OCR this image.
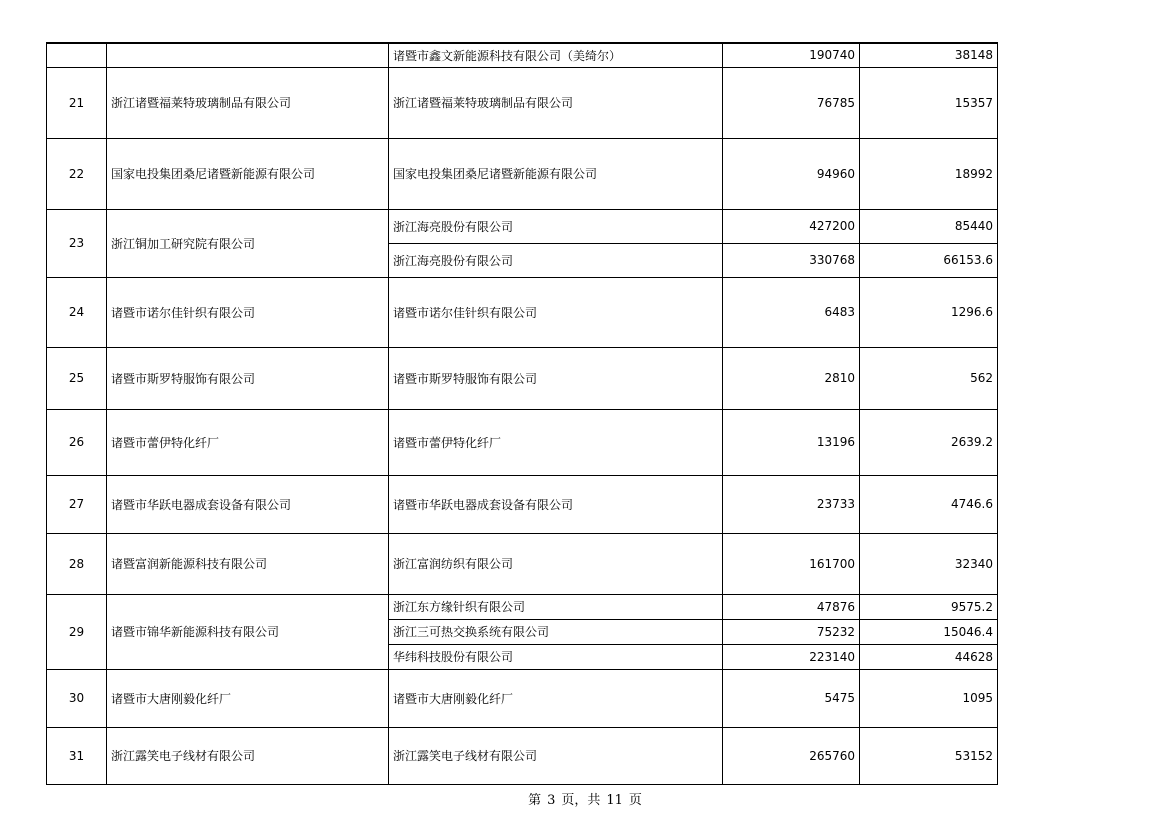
		诸暨市鑫文新能源科技有限公司（美绮尔）	190740	38148
21	浙江诸暨福莱特玻璃制品有限公司	浙江诸暨福莱特玻璃制品有限公司	76785	15357
22	国家电投集团桑尼诸暨新能源有限公司	国家电投集团桑尼诸暨新能源有限公司	94960	18992
23	浙江铜加工研究院有限公司	浙江海亮股份有限公司	427200	85440
		浙江海亮股份有限公司	330768	66153.6
24	诸暨市诺尔佳针织有限公司	诸暨市诺尔佳针织有限公司	6483	1296.6
25	诸暨市斯罗特服饰有限公司	诸暨市斯罗特服饰有限公司	2810	562
26	诸暨市蕾伊特化纤厂	诸暨市蕾伊特化纤厂	13196	2639.2
27	诸暨市华跃电器成套设备有限公司	诸暨市华跃电器成套设备有限公司	23733	4746.6
28	诸暨富润新能源科技有限公司	浙江富润纺织有限公司	161700	32340
29	诸暨市锦华新能源科技有限公司	浙江东方缘针织有限公司	47876	9575.2
		浙江三可热交换系统有限公司	75232	15046.4
		华纬科技股份有限公司	223140	44628
30	诸暨市大唐刚毅化纤厂	诸暨市大唐刚毅化纤厂	5475	1095
31	浙江露笑电子线材有限公司	浙江露笑电子线材有限公司	265760	53152
第 3 页，共 11 页
